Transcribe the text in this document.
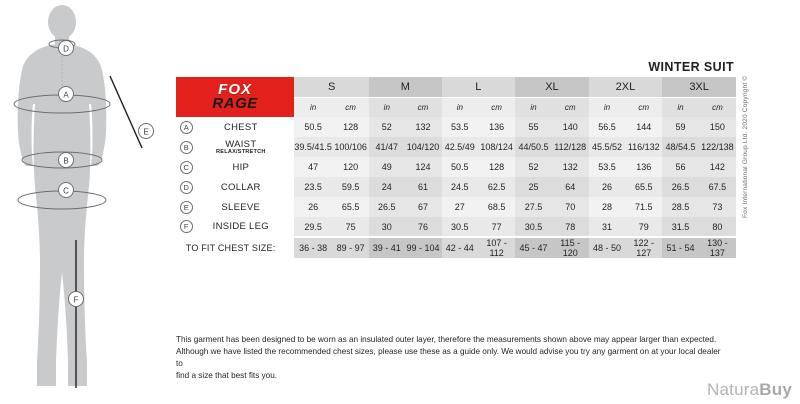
D
A
E
B
C
F
WINTER SUIT
FOX
RAGE		S		M		L		XL		2XL		3XL	
		in	cm	in	cm	in	cm	in	cm	in	cm	in	cm
A	CHEST	50.5	128	52	132	53.5	136	55	140	56.5	144	59	150
B	WAIST
RELAX/STRETCH	39.5/41.5	100/106	41/47	104/120	42.5/49	108/124	44/50.5	112/128	45.5/52	116/132	48/54.5	122/138
C	HIP	47	120	49	124	50.5	128	52	132	53.5	136	56	142
D	COLLAR	23.5	59.5	24	61	24.5	62.5	25	64	26	65.5	26.5	67.5
E	SLEEVE	26	65.5	26.5	67	27	68.5	27.5	70	28	71.5	28.5	73
F	INSIDE LEG	29.5	75	30	76	30.5	77	30.5	78	31	79	31.5	80
TO FIT CHEST SIZE:		36 - 38	89 - 97	39 - 41	99 - 104	42 - 44	107 - 112	45 - 47	115 - 120	48 - 50	122 - 127	51 - 54	130 - 137
This garment has been designed to be worn as an insulated outer layer, therefore the measurements shown above may appear larger than expected.
Although we have listed the recommended chest sizes, please use these as a guide only. We would advise you try any garment on at your local dealer to
find a size that best fits you.
Fox International Group Ltd. 2020 Copyright ©
NaturaBuy
